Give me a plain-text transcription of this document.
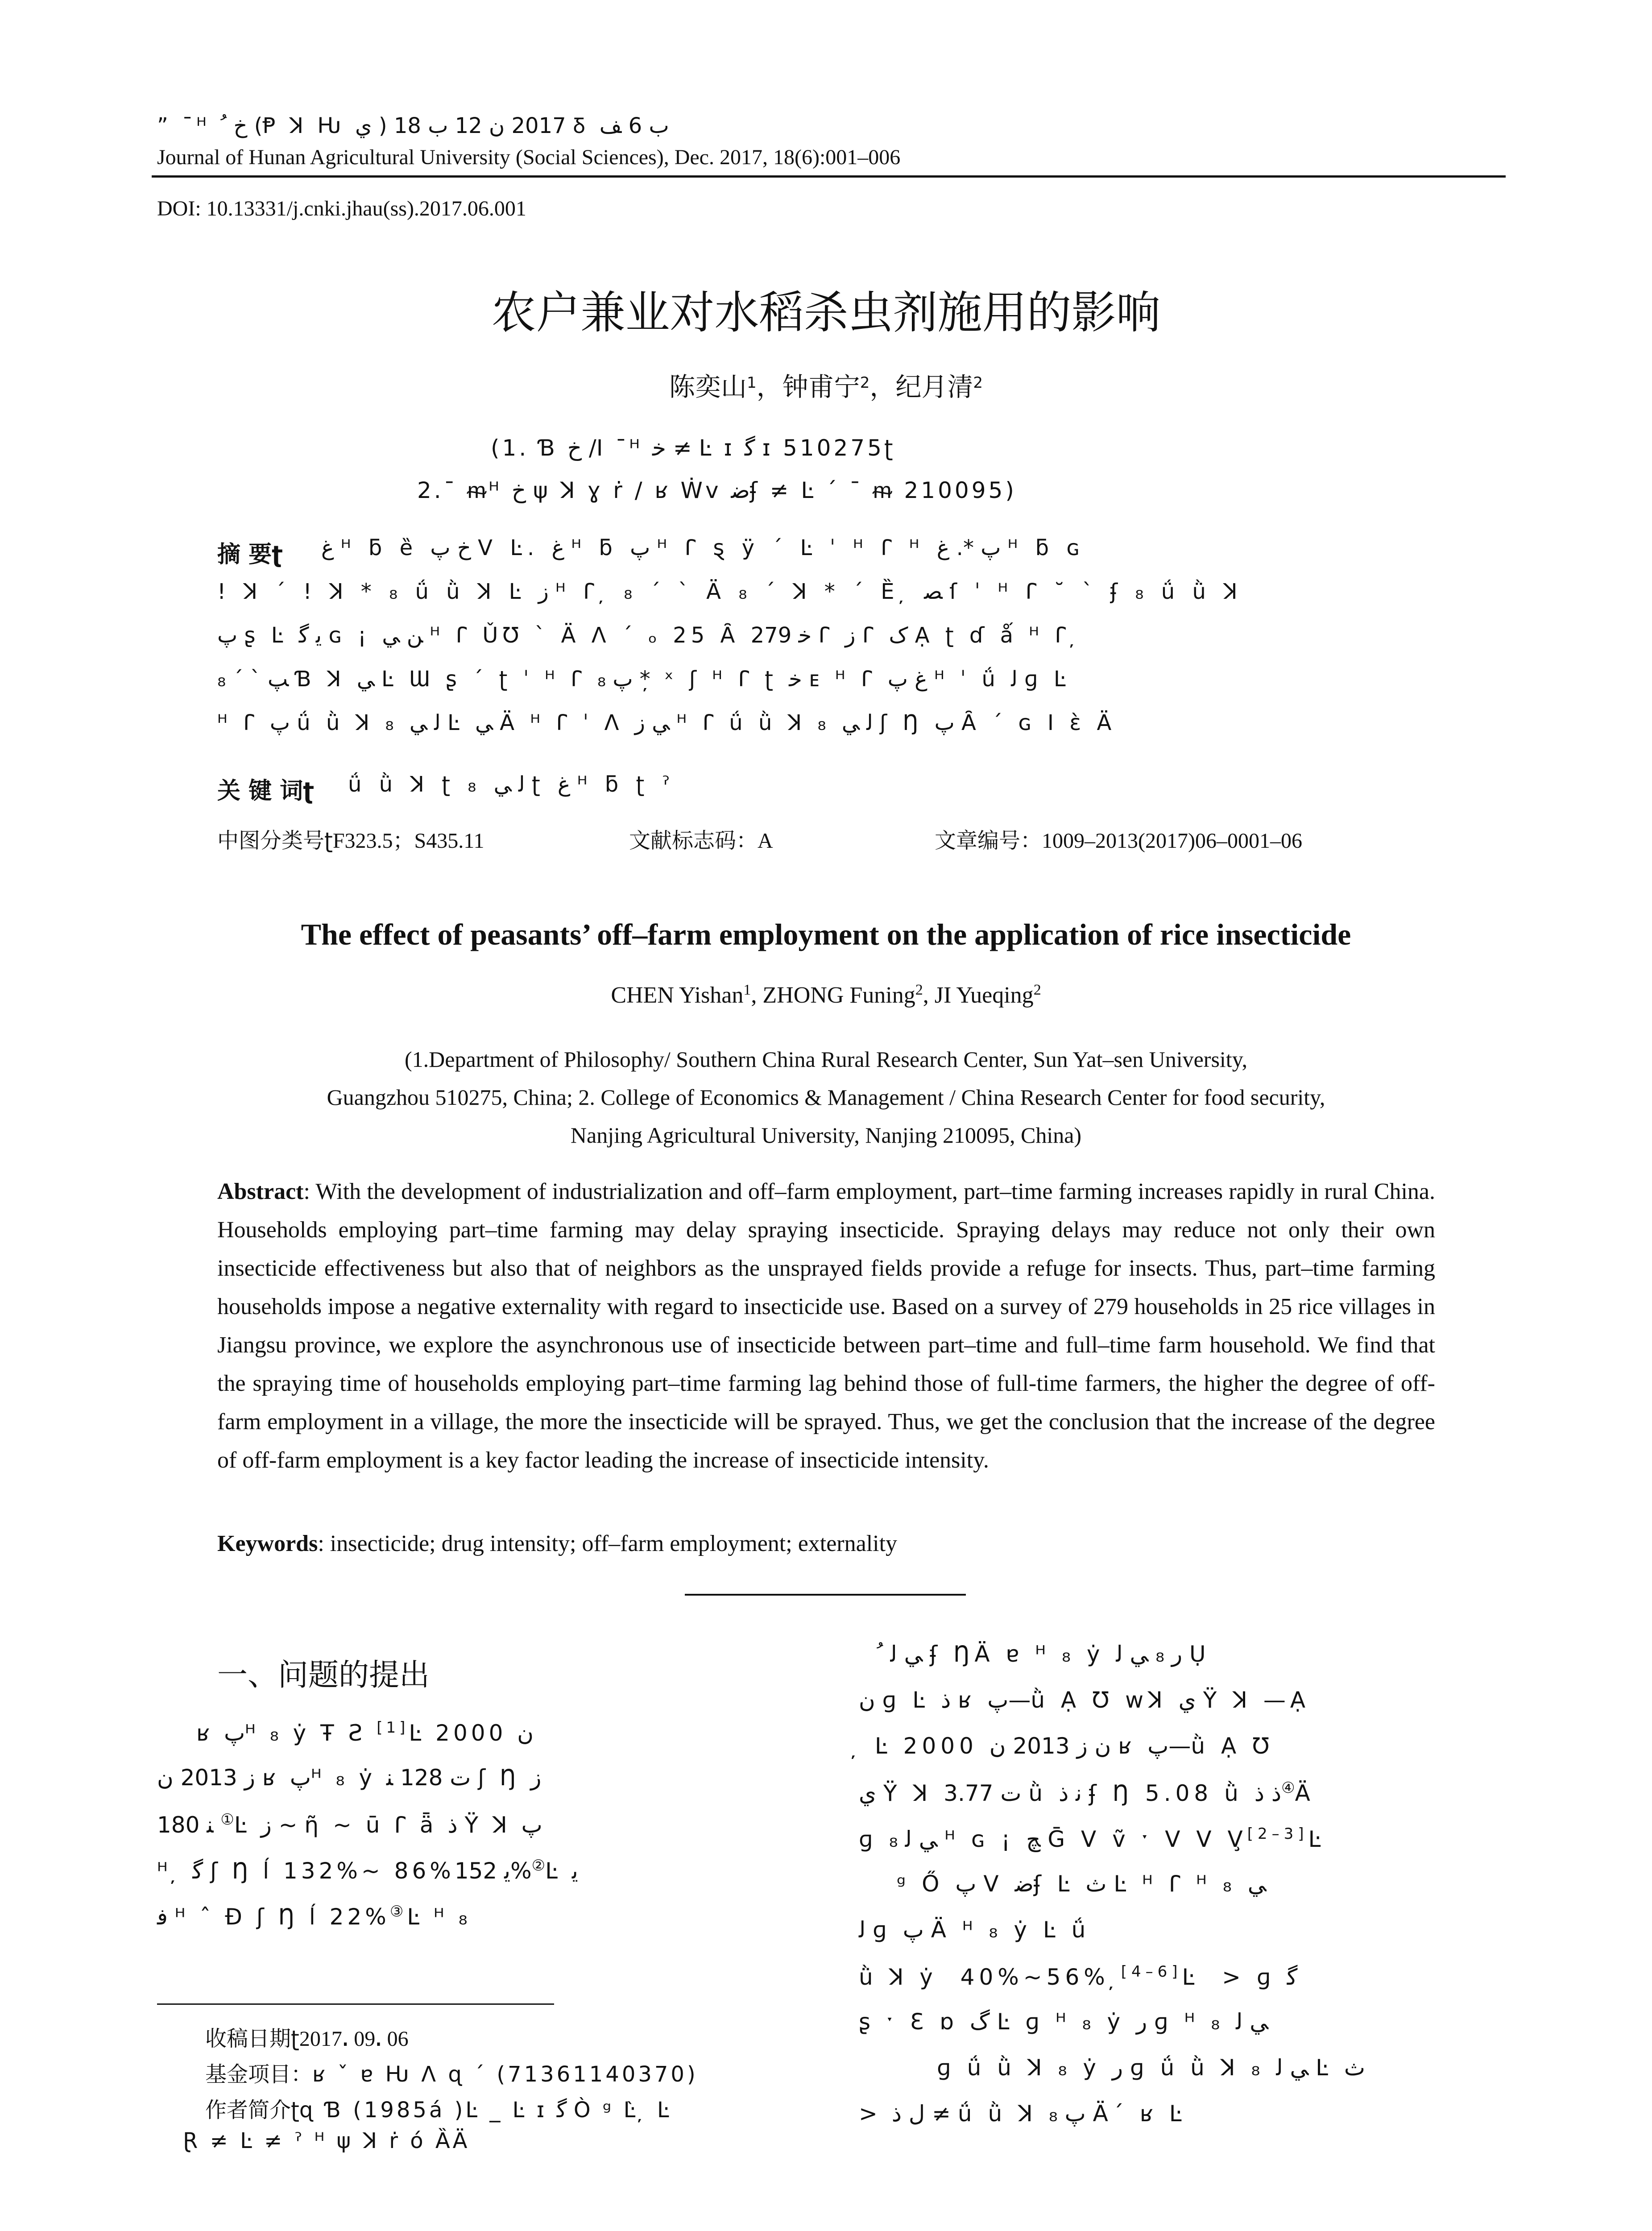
” ¯ᴴ ﺥ ﹸ (Ᵽ ꓘ Ƕ ﻱ ) 2017 ﻥ 12 ﺏ 18 Ᵹ ﺏ 6 ﻒ
Journal of Hunan Agricultural University (Social Sciences), Dec. 2017, 18(6):001–006
DOI: 10.13331/j.cnki.jhau(ss).2017.06.001
农户兼业对水稻杀虫剂施用的影响
陈奕山$^1$，钟甫宁$^2$，纪月清$^2$
(1. Ɓ ﺥ /ꓲ ¯ᴴ ﺧ ≠ Ŀ ɪ ﮔ ɪ 510275ʈ
2.¯ ᵯᴴ ﺥ ψ ꓘ ɣ ṙ / ʁ Ẇᴠ ﺿʄ ≠ Ŀ ˊ ¯ ᵯ 210095)
摘 要ʈ ﻍ ᴴ ƃ ȅ ﺥ ﭖ ꓦ Ŀ. ﻍ ᴴ ƃ ﭖ ᴴ ꓩ ȿ ÿ ˊ Ŀ ˈ ᴴ ꓩ ᴴ ﭖ *. ﻍ ᴴ ƃ ɢ
! ꓘ ˊ ! ꓘ * ₈ ǘ ǜ ꓘ Ŀ ﺯ ᴴ ꓩ ̦ ₈ ˊ ˋ Ä ₈ ˊ ꓘ * ˊ Ȅ ̦ ﺼ ſ ˈ ᴴ ꓩ ˘ ˋ ʄ ₈ ǘ ǜ ꓘ
ﭖ ʂ Ŀ ﻳ ﮔ ɢ ¡ ﻦ ﻲ ᴴ ꓩ ǓƱ ˋ Ä ꓥ ˊ ₒ 25 Ȃ ﺧ 279 ꓩ ﺯ ꓩ ﮎ Ạ ʈ ɗ ǻ ᴴ ꓩ ̦
₈ ˊ ˋ ﭗ Ɓ ꓘ ﻲ Ŀ Ɯ ʂ ˊ ʈ ˈ ᴴ ꓩ ﭖ ₈ * ̦ ˣ ʃ ᴴ ꓩ ʈ ﺧ ᴇ ᴴ ꓩ ﻍ ﭖ ᴴ ˈ ǘ ﻟ ɡ Ŀ
ᴴ ꓩ ﭖ ǘ ǜ ꓘ ₈ ﻟ ﻲ Ŀ ﻲ Ä ᴴ ꓩ ˈ ꓥ ﻲ ﺯ ᴴ ꓩ ǘ ǜ ꓘ ₈ ﻟ ﻲ ʃ Ŋ ﭖ Ȃ ˊ ɢ ꓲ ɛ̀ Ä
关 键 词ʈ ǘ ǜ ꓘ ʈ ₈ ﻟ ﻲ ʈ ﻍ ᴴ ƃ ʈ ˀ
中图分类号ʈF323.5；S435.11	文献标志码：A	文章编号：1009–2013(2017)06–0001–06
The effect of peasants’ off–farm employment on the application of rice insecticide
CHEN Yishan$^1$, ZHONG Funing$^2$, JI Yueqing$^2$
(1.Department of Philosophy/ Southern China Rural Research Center, Sun Yat–sen University,
Guangzhou 510275, China; 2. College of Economics & Management / China Research Center for food security,
Nanjing Agricultural University, Nanjing 210095, China)
Abstract: With the development of industrialization and off–farm employment, part–time farming increases rapidly in rural China. Households employing part–time farming may delay spraying insecticide. Spraying delays may reduce not only their own insecticide effectiveness but also that of neighbors as the unsprayed fields provide a refuge for insects. Thus, part–time farming households impose a negative externality with regard to insecticide use. Based on a survey of 279 households in 25 rice villages in Jiangsu province, we explore the asynchronous use of insecticide between part–time and full–time farm household. We find that the spraying time of households employing part–time farming lag behind those of full-time farmers, the higher the degree of off-farm employment in a village, the more the insecticide will be sprayed. Thus, we get the conclusion that the increase of the degree of off-farm employment is a key factor leading the increase of insecticide intensity.
Keywords: insecticide; drug intensity; off–farm employment; externality
一、问题的提出
ʁ ﭖᴴ ₈ ẏ Ŧ Ƨ [1]Ŀ 2000 ﻥ
ﺯ 2013 ﻥ ʁ ﭖᴴ ₈ ẏ ﺕ 128 ﻨ ʃ Ŋ ﺯ
180 ﻨ ①Ŀ ﺯ ~ ῆ ~ ū ꓩ ǟ ﺫ Ÿ ꓘ ﭖ
ᴴ ̦ ﮔ ʃ Ŋ ĺ 132%~ 86%ﯾ 152%②Ŀ ﻳ
ﻓ ᴴ ˆ Ɖ ʃ Ŋ ĺ 22%③Ŀ ᴴ ₈
收稿日期ʈ2017ꓸ 09ꓸ 06
基金项目：ʁ ˇ ɐ Ƕ ꓥ ɋ ˊ (71361140370)
作者简介ʈɋ Ɓ (1985á )Ŀ _ Ŀ ɪ ﮔ Ò ᵍ Ŀ̀ ̦ Ŀ
Ɽ ≠ Ŀ ≠ ˀ ᴴ ψ ꓘ ṙ ó ȀÄ
ﻲ ﻟ ﹸ ʄ ŊÄ ɐ ᴴ ₈ ẏ ﺭ ₈ ﻲ ﻟ Ụ
ﻥ ɡ Ŀ ﺫ ʁ ﭖ—ǜ Ạ Ʊ ᴡꓘ ﻱ Ÿ ꓘ —Ạ
̦ Ŀ 2000 ﻥ ﺯ 2013 ﻥ ʁ ﭖ—ǜ Ạ Ʊ
ﻱ Ÿ ꓘ ﺕ 3.77 ǜ ﻧ ﺫ ʄ Ŋ 5.08 ǜ ﺫ ﺫ④Ä
ɡ ﻲ ﻟ ₈ ᴴ ɢ ¡ ﭻ Ḡ ꓦ ṽ ˑ ꓦ ꓦ ꓦ̧[2–3]Ŀ
ᵍ Ő ﭖ ꓦ ﺿʄ Ŀ ﺙ Ŀ ᴴ ꓩ ᴴ ₈ ﻲ
ﻟ ɡ ﭖ Ä ᴴ ₈ ẏ Ŀ ǘ
ǜ ꓘ ẏ ⁮ 40%~56% ̦[4–6]Ŀ ⁮ > ɡ ﮔ ⁮
ʂ ˑ Ɛ ɒ ﮒ Ŀ ɡ ᴴ ₈ ẏ ﺭ ɡ ᴴ ₈ ﻲ ﻟ
ɡ ǘ ǜ ꓘ ₈ ẏ ﺭ ɡ ǘ ǜ ꓘ ₈ ﻲ ﻟ Ŀ ﺙ
> ⁮ ﻝ ﺫ ≠ ǘ ǜ ꓘ ﭖ ₈ Äˊ ʁ Ŀ
